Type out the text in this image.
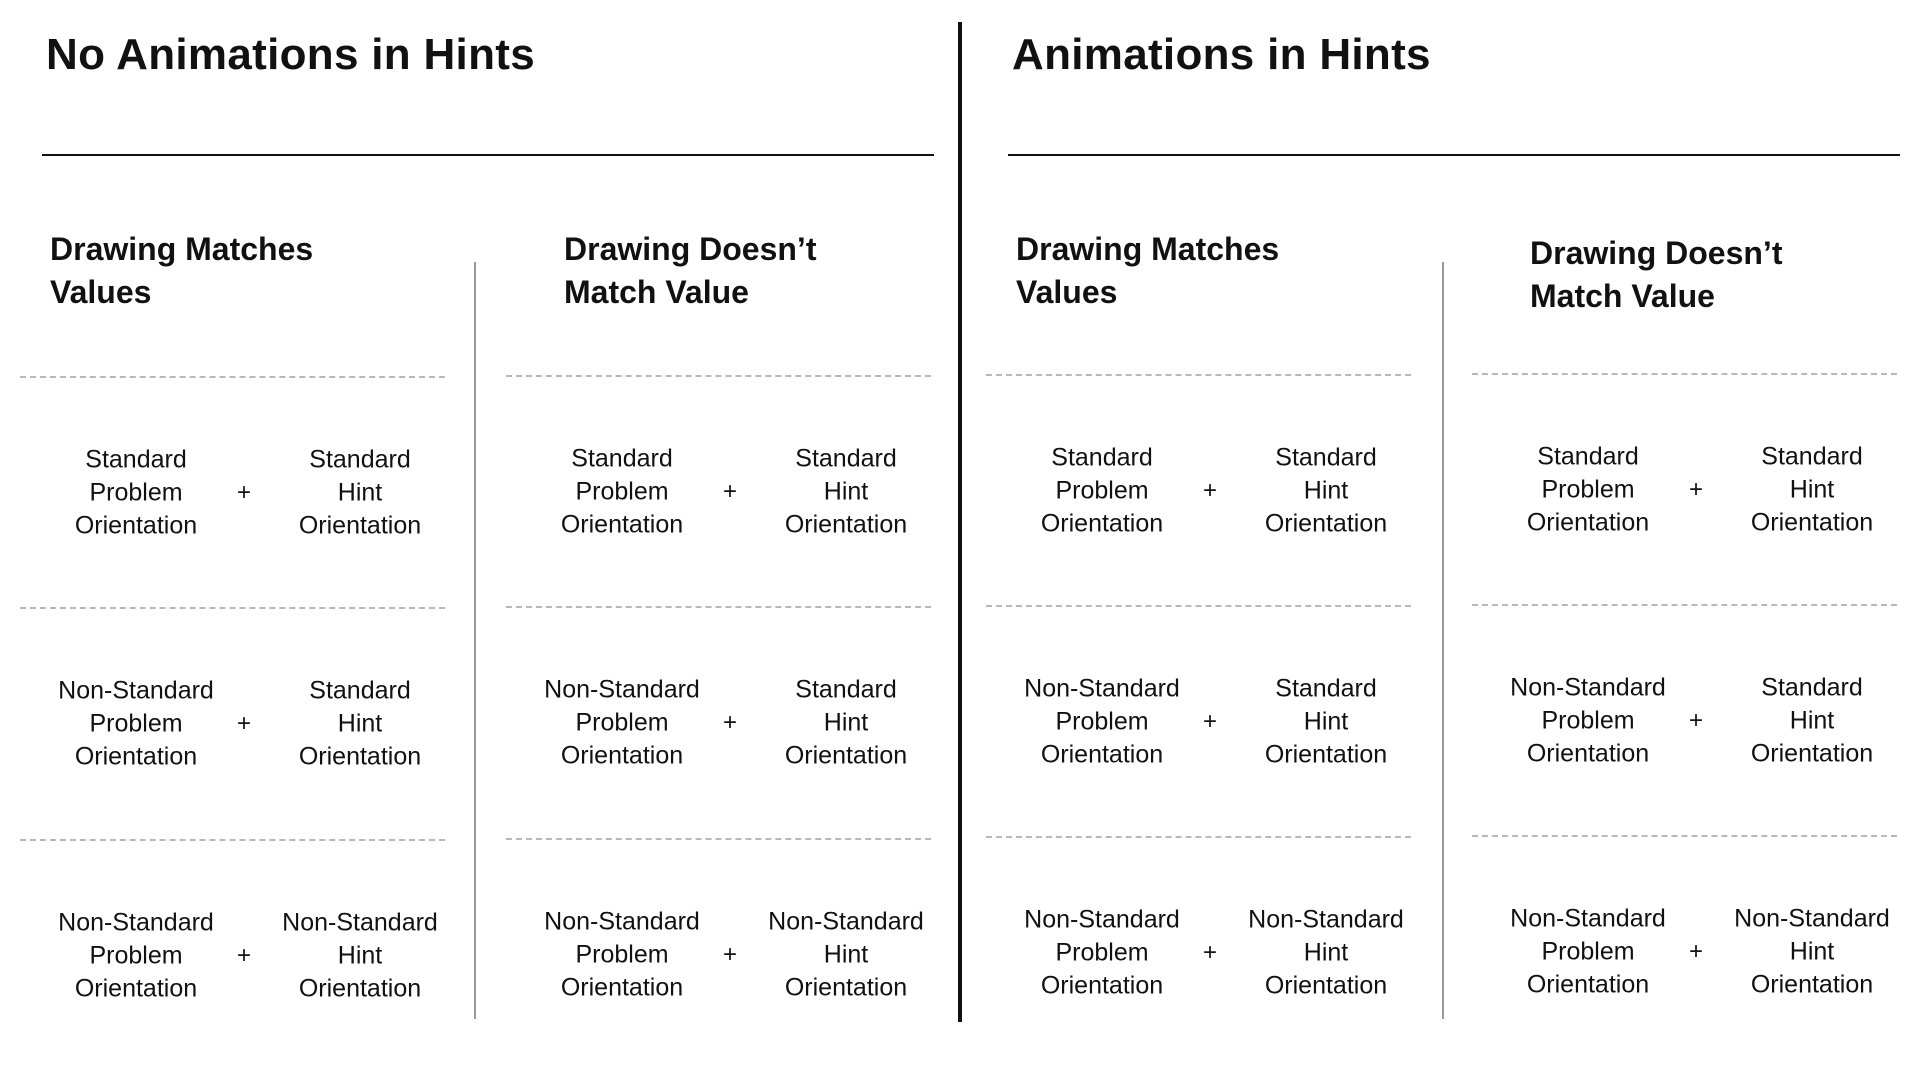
No Animations in Hints
Drawing Matches
Values
Standard
Problem
Orientation
+
Standard
Hint
Orientation
Non-Standard
Problem
Orientation
+
Standard
Hint
Orientation
Non-Standard
Problem
Orientation
+
Non-Standard
Hint
Orientation
Drawing Doesn’t
Match Value
Standard
Problem
Orientation
+
Standard
Hint
Orientation
Non-Standard
Problem
Orientation
+
Standard
Hint
Orientation
Non-Standard
Problem
Orientation
+
Non-Standard
Hint
Orientation
Animations in Hints
Drawing Matches
Values
Standard
Problem
Orientation
+
Standard
Hint
Orientation
Non-Standard
Problem
Orientation
+
Standard
Hint
Orientation
Non-Standard
Problem
Orientation
+
Non-Standard
Hint
Orientation
Drawing Doesn’t
Match Value
Standard
Problem
Orientation
+
Standard
Hint
Orientation
Non-Standard
Problem
Orientation
+
Standard
Hint
Orientation
Non-Standard
Problem
Orientation
+
Non-Standard
Hint
Orientation
